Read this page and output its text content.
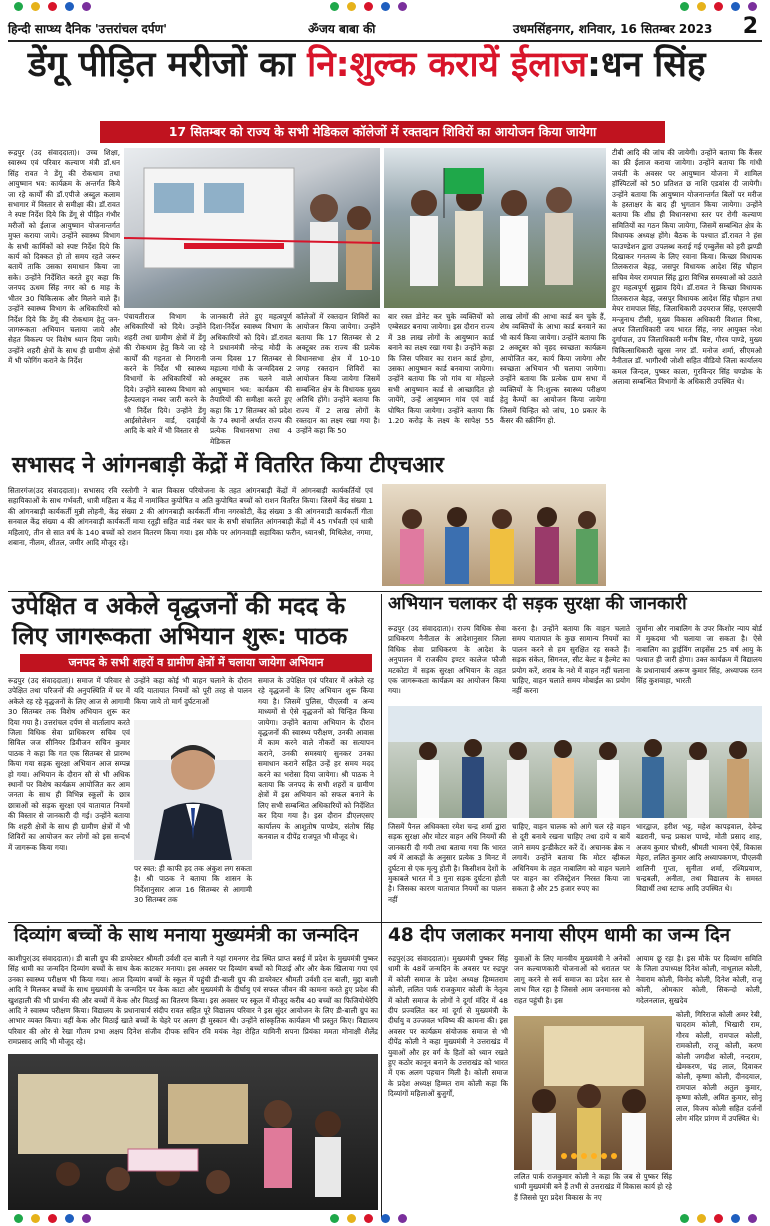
हिन्दी साप्ध्य दैनिक 'उत्तरांचल दर्पण'	ॐजय बाबा की	उधमसिंहनगर, शनिवार, 16 सितम्बर 2023 2
डेंगू पीड़ित मरीजों का नि:शुल्क करायें ईलाज:धन सिंह
17 सितम्बर को राज्य के सभी मेडिकल कॉलेजों में रक्तदान शिविरों का आयोजन किया जायेगा
रूद्रपुर (उद संवाददाता)। उच्च शिक्षा, स्वास्थ्य एवं परिवार कल्याण मंत्री डॉ.धन सिंह रावत ने डेंगू की रोकथाम तथा आयुष्मान भव: कार्यक्रम के अन्तर्गत किये जा रहे कार्यों की डॉ.एपीजे अब्दुल कलाम सभागार में विस्तार से समीक्षा की। डॉ.रावत ने स्पष्ट निर्देश दिये कि डेंगू से पीड़ित गंभीर मरीजों को ईलाज आयुष्मान योजनान्तर्गत मुफ्त कराया जाये। उन्होंने स्वास्थ्य विभाग के सभी कार्मिकों को स्पष्ट निर्देश दिये कि कार्य को दिक्कत हो तो समय रहते जरूर बतायें ताकि उसका समाधान किया जा सके। उन्होंने निर्देशित करते हुए कहा कि जनपद ऊधम सिंह नगर को 6 माह के भीतर 30 चिकित्सक और मिलने वाले हैं। उन्होंने स्वास्थ्य विभाग के अधिकारियों को निर्देश दिये कि डेंगू की रोकथाम हेतु जन-जागरूकता अभियान चलाया जाये और सेहत विकल्प पर विशेष ध्यान दिया जाये। उन्होंने शहरी क्षेत्रों के साथ ही ग्रामीण क्षेत्रों में भी फोगिंग कराने के निर्देश
पंचायतीराज विभाग के अधिकारियों को दिये। उन्होंने शहरी तथा ग्रामीण क्षेत्रों में डेंगू की रोकथाम हेतु किये जा रहे कार्यों की गहनता से निगरानी करने के निर्देश भी स्वास्थ्य विभागों के अधिकारियों को दिये। उन्होंने स्वास्थ्य विभाग को हैल्पलाइन नम्बर जारी करने के भी निर्देश दिये। उन्होंने डेंगू आईसोलेशन वार्ड, दवाईयों आदि के बारे में भी विस्तार से
जानकारी लेते हुए महत्वपूर्ण दिशा-निर्देश स्वास्थ्य विभाग के अधिकारियों को दिये। डॉ.रावत ने प्रधानमंत्री नरेन्द्र मोदी के जन्म दिवस 17 सितम्बर से महात्मा गांधी के जन्मदिवस 2 अक्टूबर तक चलने वाले आयुष्मान भव: कार्यक्रम की तैयारियों की समीक्षा करते हुए कहा कि 17 सितम्बर को प्रदेश के 74 स्थानों अर्थात राज्य की प्रत्येक विधानसभा तथा 4 मेडिकल
कॉलेजों में रक्तदान शिविरों का आयोजन किया जायेगा। उन्होंने बताया कि 17 सितम्बर से 2 अक्टूबर तक राज्य की प्रत्येक विधानसभा क्षेत्र में 10-10 जगह रक्तदान शिविरों का आयोजन किया जायेगा जिसमें सम्बन्धित क्षेत्र के विधायक मुख्य अतिथि होंगे। उन्होंने बताया कि राज्य में 2 लाख लोगों के रक्तदान का लक्ष्य रखा गया है। उन्होंने कहा कि 50
बार रक्त डोनेट कर चुके व्यक्तियों को एम्बेसडर बनाया जायेगा। इस दौरान राज्य में 38 लाख लोगों के आयुष्मान कार्ड बनाने का लक्ष्य रखा गया है। उन्होंने कहा कि जिस परिवार का राशन कार्ड होगा, उसका आयुष्मान कार्ड बनवाया जायेगा। उन्होंने बताया कि जो गांव या मोहल्ले सभी आयुष्मान कार्ड से आच्छादित हो जायेंगे, उन्हें आयुष्मान गांव एवं वार्ड घोषित किया जायेगा। उन्होंने बताया कि 1.20 करोड़ के लक्ष्य के सापेक्ष 55 लाख लोगों की आभा कार्ड बन चुके हैं, शेष व्यक्तियों के आभा कार्ड बनवाने का भी कार्य किया जायेगा। उन्होंने बताया कि 2 अक्टूबर को वृहद स्वच्छता कार्यक्रम आयोजित कर, कार्य किया जायेगा और स्वच्छता अभियान भी चलाया जायेगा। उन्होंने बताया कि प्रत्येक ग्राम सभा में व्यक्तियों के नि:शुल्क स्वास्थ्य परीक्षण हेतु कैम्पों का आयोजन किया जायेगा जिसमें चिन्हित को जांच, 10 प्रकार के कैंसर की स्क्रीनिंग हो.
टीबी आदि की जांच की जायेगी। उन्होंने बताया कि कैंसर का फ्री ईलाज कराया जायेगा। उन्होंने बताया कि गांधी जयंती के अवसर पर आयुष्मान योजना में शामिल हॉस्पिटलों को 50 प्रतिशत छ नाशि एडवांस दी जायेगी। उन्होंने बताया कि आयुष्मान योजनान्तर्गत बिलों पर मरीज के हस्ताक्षर के बाद ही भुगतान किया जायेगा। उन्होंने बताया कि शीघ्र ही विधानसभा स्तर पर रोगी कल्याण समितियों का गठन किया जायेगा, जिसमें सम्बन्धित क्षेत्र के विधायक अध्यक्ष होंगे। बैठक के पश्चात डॉ.रावत ने हंस फाउण्डेशन द्वारा उपलब्ध कराई गई एम्बुलेंस को हरी झण्डी दिखाकर गनतव्य के लिए रवाना किया। किच्छा विधायक तिलकराज बेहड़, जसपुर विधायक आदेश सिंह चौहान सचिव मेयर रामपाल सिंह द्वारा विभिन्न समस्याओं को उठाते हुए महत्वपूर्ण सुझाव दिये। डॉ.रावत ने किच्छा विधायक तिलकराज बेहड़, जसपुर विधायक आदेश सिंह चौहान तथा मेयर रामपाल सिंह, जिलाधिकारी उदयराज सिंह, एसएसपी मन्जुनाथ टीसी, मुख्य विकास अधिकारी विशाल मिश्रा, अपर जिलाधिकारी जय भारत सिंह, नगर आयुक्त नरेश दुर्गापाल, उप जिलाधिकारी मनीष बिष्ट, गौरव पाण्डे, मुख्य चिकित्साधिकारी खुरस नगर डॉ. मनोज शर्मा, सीएमओ नैनीताल डॉ. भागीरथी जोशी सहित वीडियो जिला कार्यालय कमल जिन्दल, पुष्कर काला, गुरविन्दर सिंह चण्डोक के अलावा सम्बन्धित विभागों के अधिकारी उपस्थित थे।
सभासद ने आंगनबाड़ी केंद्रों में वितरित किया टीएचआर
सितारगंज(उद संवाददाता)। सभासद रवि रस्तोगी ने बाल विकास परियोजना के तहत आंगनबाड़ी केंद्रों में आंगनबाड़ी कार्यकर्तियों एवं सहायिकाओं के साथ गर्भवती, धात्री महिला व केंद्र में नामांकित कुपोषित व अति कुपोषित बच्चों को राशन वितरित किया। जिसमें केंद्र संख्या 1 की आंगनबाड़ी कार्यकर्ती मुन्नी लोहनी, केंद्र संख्या 2 की आंगनबाड़ी कार्यकर्ती मीना नगरकोटी, केंद्र संख्या 3 की आंगनवाडी कार्यकर्ती गीता सनवाल केंद्र संख्या 4 की आंगनवाड़ी कार्यकर्ती माया रतूड़ी सहित वार्ड नंबर चार के सभी संचालित आंगनबाड़ी केंद्रों में 45 गर्भवती एवं धात्री महिलाएं, तीन से सात वर्ष के 140 बच्चों को राशन वितरण किया गया। इस मौके पर आंगनवाड़ी सहायिका फरीन, ध्यानश्री, मिथिलेश, नगमा, शबाना, नीलम, शीतल, जमीर आदि मौजूद रहे।
उपेक्षित व अकेले वृद्धजनों की मदद के
लिए जागरूकता अभियान शुरू: पाठक
जनपद के सभी शहरों व ग्रामीण क्षेत्रों में चलाया जायेगा अभियान
रूद्रपुर (उद संवाददाता)। समाज में परिवार से उपेक्षित तथा परिजनों की अनुपस्थिति में घर में अकेले रह रहे वृद्धजनों के लिए आज से आगामी 30 सितम्बर तक विशेष अभियान शुरू कर दिया गया है। उत्तरांचल दर्पण से वार्तालाप करते जिला विधिक सेवा प्राधिकरण सचिव एवं सिविल जज सीनियर डिवीजन सचिन कुमार पाठक ने कहा कि गत एक सितम्बर से प्रारम्भ किया गया सड़क सुरक्षा अभियान आज सम्पन्न हो गया। अभियान के दौरान सौ से भी अधिक स्थानों पर विशेष कार्यक्रम आयोजित कर आम जनता के साथ ही विभिन्न स्कूलों के छात्र छात्राओं को सड़क सुरक्षा एवं यातायात नियमों की विस्तार से जानकारी दी गई। उन्होंने बताया कि शहरी क्षेत्रों के साथ ही ग्रामीण क्षेत्रों में भी शिविरों का आयोजन कर लोगों को इस सन्दर्भ में जागरूक किया गया।
उन्होंने कहा कोई भी वाहन चलाने के दौरान यदि यातायात नियमों को पूरी तरह से पालन किया जाये तो मार्ग दुर्घटनाओं
पर स्वत: ही काफी हद तक अंकुश लग सकता है। श्री पाठक ने बताया कि शासन के निर्देशानुसार आज 16 सितम्बर से आगामी 30 सितम्बर तक
समाज के उपेक्षित एवं परिवार में अकेले रह रहे वृद्धजनों के लिए अभियान शुरू किया गया है। जिसमें पुलिस, पीएलवी व अन्य माध्यमों से ऐसे वृद्धजनों को चिन्हित किया जायेगा। उन्होंने बताया अभियान के दौरान वृद्धजनों की स्वास्थ्य परीक्षण, उनकी आवास में काम करने वाले नौकरों का सत्यापन कराने, उनकी समस्याएं सुनकर उनका समाधान कराने सहित उन्हें हर समय मदद करने का भरोसा दिया जायेगा। श्री पाठक ने बताया कि जनपद के सभी शहरों व ग्रामीण क्षेत्रों में इस अभियान को सफल बनाने के लिए सभी सम्बन्धित अधिकारियों को निर्देशित कर दिया गया है। इस दौरान डीएलएसए कार्यालय के आशुतोष पाण्डेय, संतोष सिंह कनवाल व दीपेंद्र राजपूत भी मौजूद थे।
अभियान चलाकर दी सड़क सुरक्षा की जानकारी
रूद्रपुर (उद संवाददाता)। राज्य विधिक सेवा प्राधिकरण नैनीताल के आदेशानुसार जिला विधिक सेवा प्राधिकरण के आदेश के अनुपालन में राजकीय इण्टर कालेज फौजी मटकोटा में सड़क सुरक्षा अभियान के तहत एक जागरूकता कार्यक्रम का आयोजन किया गया।
करना है। उन्होंने बताया कि वाहन चलाते समय यातायात के कुछ सामान्य नियमों का पालन करने से हम सुरक्षित रह सकते हैं। सड़क संकेत, सिगनल, सीट बेल्ट व हैल्मेट का प्रयोग करें, शराब के नशे में वाहन नहीं चलाना चाहिए, वाहन चलाते समय मोबाईल का प्रयोग नहीं करना
जुर्माना और नाबालिग के उपर किशोर न्याय बोर्ड में मुकदमा भी चलाया जा सकता है। ऐसे नाबालिग का ड्राईविंग लाइसेंस 25 वर्ष आयु के पश्चात ही जारी होगा। उक्त कार्यक्रम में विद्यालय के प्रधानाचार्य अरूण कुमार सिंह, अध्यापक रतन सिंह कुशवाहा, भारती
जिसमें पैनल अधिवक्ता रमेश चन्द्र शर्मा द्वारा सड़क सुरक्षा और मोटर वाहन अधि नियमों की जानकारी दी गयी तथा बताया गया कि भारत वर्ष में आकड़ों के अनुसार प्रत्येक 3 मिनट में दुर्घटना से एक मृत्यु होती है। किसीशव देशों के मुकाबले भारत में 3 गुना सड़क दुर्घटना होती है। जिसका कारण यातायात नियमों का पालन नहीं
चाहिए, वाहन चालक को आगे चल रहे वाहन से दूरी बनाये रखना चाहिए तथा दाये व बायें जाने समय इन्डीकेटर करें दें। अचानक ब्रेक न लगायें। उन्होंने बताया कि मोटर व्हीकल अधिनियम के तहत नाबालिग को वाहन चलाने पर वाहन का रजिस्ट्रेशन निरस्त किया जा सकता है और 25 हजार रुपए का
भारद्वाज, हरीश भट्ट, महेश कापड़वाल, देवेन्द्र बडरानी, चन्द्र प्रकाश पाण्डे, मोती प्रसाद शाह, अजय कुमार चौधरी, श्रीमती भावना ऐर्बे, विकास मेहरा, ललित कुमार आदि अध्यापकगण, पीएलवी शालिनी गुप्ता, सुनीता शर्मा, रश्मिप्रयाण, चन्द्रबली, अनीता, तथा विद्यालय के समस्त विद्यार्थी तथा स्टाफ आदि उपस्थित थे।
दिव्यांग बच्चों के साथ मनाया मुख्यमंत्री का जन्मदिन
काशीपुर(उद संवाददाता)। डी बाली ग्रुप की डायरेक्टर श्रीमती उर्वशी दत्त बाली ने यहां रामनगर रोड स्थित प्राप्त बसई में प्रदेश के मुख्यमंत्री पुष्कर सिंह धामी का जन्मदिन दिव्यांग बच्चों के साथ केक काटकर मनाया। इस अवसर पर दिव्यांग बच्चों को मिठाई और और केक खिलाया गया एवं उनका स्वास्थ्य परीक्षण भी किया गया। आज दिव्यांग बच्चों के स्कूल में पहुंची डी-बाली ग्रुप की डायरेक्टर श्रीमती उर्वशी दत्त बाली, मुद्दा बाली आदि ने मिलकर बच्चों के साथ मुख्यमंत्री के जन्मदिन पर केक काटा और मुख्यमंत्री के दीर्घायु एवं सफल जीवन की कामना करते हुए प्रदेश की खुशहाली की भी प्रार्थना की और बच्चों में केक और मिठाई का वितरण किया। इस अवसर पर स्कूल में मौजूद करीब 40 बच्चों का फिजियोथेरेपि आदि ने स्वास्थ्य परीक्षण किया। विद्यालय के प्रधानाचार्य संदीप रावत सहित पूरे विद्यालय परिवार ने इस सुंदर आयोजन के लिए डी-बाली ग्रुप का आभार व्यक्त किया। वहीं केक और मिठाई खाते बच्चों के चेहरे पर अलग ही मुस्कान थी। उन्होंने सांस्कृतिक कार्यक्रम भी प्रस्तुत किए। विद्यालय परिवार की ओर से रेखा गौतम प्रभा अक्षय दिनेश संजीव दीपक सचिन रवि मयंक नेहा रोहित यामिनी सपना प्रियंका ममता मोनाक्षी शैलेंद्र रामप्रसाद आदि भी मौजूद रहे।
48 दीप जलाकर मनाया सीएम धामी का जन्म दिन
रुद्रपुर(उद संवाददाता)। मुख्यमंत्री पुष्कर सिंह धामी के 48वें जन्मदिन के अवसर पर रुद्रपुर में कोली समाज के प्रदेश अध्यक्ष हिम्मतराम कोली, ललित पार्क राजकुमार कोली के नेतृत्व में कोली समाज के लोगों ने दूर्गा मंदिर में 48 दीप प्रज्वलित कर मां दूर्गा से मुख्यमंत्री के दीर्घायु व उज्जवल भविष्य की कामना की। इस अवसर पर कार्यक्रम संयोजक समाज से भी दीपेंद्र कोली ने कहा मुख्यमंत्री ने उत्तराखंड में युवाओं और हर वर्ग के हितों को ध्यान रखते हुए कठोर कानून बनाने के उत्तराखंड को भारत में एक अलग पहचान मिली है। कोली समाज के प्रदेश अध्यक्ष हिम्मत राम कोली कहा कि दिव्यांगों महिलाओं बुजुर्गों,
युवाओं के लिए मानवीय मुख्यमंत्री ने अनेकों जन कल्याणकारी योजनाओं को धरातल पर लागू करने से सर्व समाज का प्रदेश स्तर से लाभ मिल रहा है जिससे आम जनमानस को राहत पहुंची है। इस
आयाम छू रहा है। इस मौके पर दिव्यांग समिति के जिला उपाध्यक्ष दिनेश कोली, नाथूलाल कोली, नेवाराम कोली, विनोद कोली, दिनेश कोली, राजू कोली, ओमकार कोली, सिकन्दो कोली, गदेलनलाल, सुखदेव
कोली, गिरिराज कोली अमर रेबी, चादराम कोली, भिखारी राम, गौरव कोली, रामपाल कोली, रामकोली, राजू कोली, करण कोली जगदीश कोली, नन्दराम, खेमकरण, चंद्र लाल, दिवाकर कोली, कृष्णा कोली, दीनदयाल, रामपाल कोली अतुल कुमार, कृष्णा कोली, अमित कुमार, सोनू लाल, विजय कोली सहित दर्जनों लोग मंदिर प्रांगण में उपस्थित थे।
ललित पार्क राजकुमार कोली ने कहा कि जब से पुष्कर सिंह धामी मुख्यमंत्री बने हैं तभी से उत्तराखंड में विकास कार्य हो रहे हैं जिससे पूरा प्रदेश विकास के नए
